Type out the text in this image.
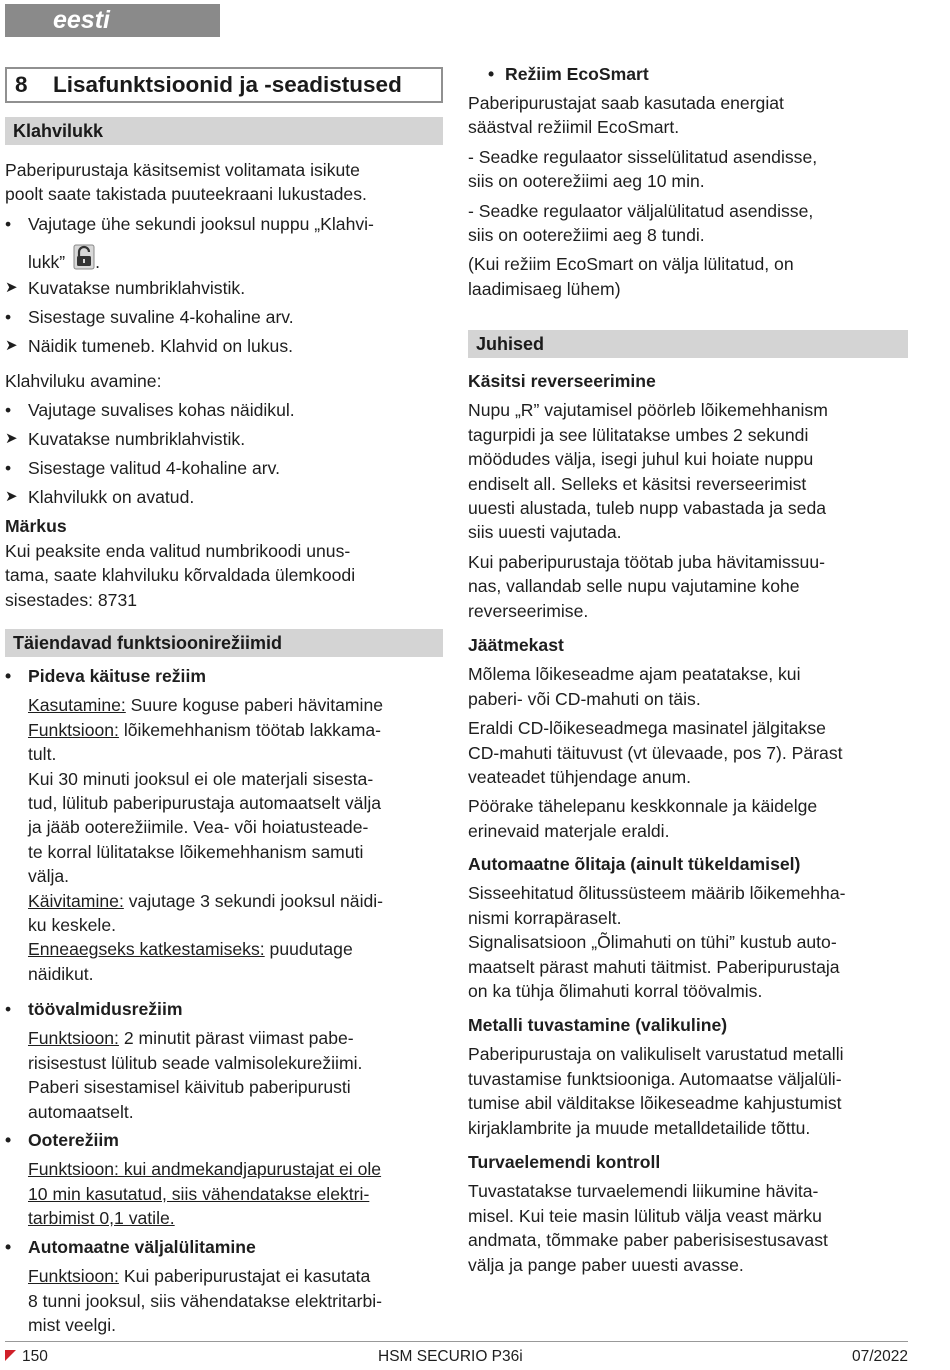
eesti
8 Lisafunktsioonid ja -seadistused
Klahvilukk

Paberipurustaja käsitsemist volitamata isikute

poolt saate takistada puuteekraani lukustades.

• Vajutage ühe sekundi jooksul nuppu „Klahvi-

lukk” .

➤ Kuvatakse numbriklahvistik.

• Sisestage suvaline 4-kohaline arv.

➤ Näidik tumeneb. Klahvid on lukus.

Klahviluku avamine:

• Vajutage suvalises kohas näidikul.

➤ Kuvatakse numbriklahvistik.

• Sisestage valitud 4-kohaline arv.

➤ Klahvilukk on avatud.

Märkus

Kui peaksite enda valitud numbrikoodi unus-

tama, saate klahviluku kõrvaldada ülemkoodi

sisestades: 8731

Täiendavad funktsioonirežiimid
• Pideva käituse režiim

Kasutamine: Suure koguse paberi hävitamine

Funktsioon: lõikemehhanism töötab lakkama-

tult.

Kui 30 minuti jooksul ei ole materjali sisesta-

tud, lülitub paberipurustaja automaatselt välja

ja jääb ooterežiimile. Vea- või hoiatusteade-

te korral lülitatakse lõikemehhanism samuti

välja.

Käivitamine: vajutage 3 sekundi jooksul näidi-

ku keskele.

Enneaegseks katkestamiseks: puudutage

näidikut.

• töövalmidusrežiim

Funktsioon: 2 minutit pärast viimast pabe-

risisestust lülitub seade valmisolekurežiimi.

Paberi sisestamisel käivitub paberipurusti

automaatselt.

• Ooterežiim

Funktsioon: kui andmekandjapurustajat ei ole

10 min kasutatud, siis vähendatakse elektri-

tarbimist 0,1 vatile.

• Automaatne väljalülitamine

Funktsioon: Kui paberipurustajat ei kasutata

8 tunni jooksul, siis vähendatakse elektritarbi-

mist veelgi.

• Režiim EcoSmart

Paberipurustajat saab kasutada energiat

säästval režiimil EcoSmart.

- Seadke regulaator sisselülitatud asendisse,

siis on ooterežiimi aeg 10 min.

- Seadke regulaator väljalülitatud asendisse,

siis on ooterežiimi aeg 8 tundi.

(Kui režiim EcoSmart on välja lülitatud, on

laadimisaeg lühem)

Juhised

Käsitsi reverseerimine

Nupu „R” vajutamisel pöörleb lõikemehhanism

tagurpidi ja see lülitatakse umbes 2 sekundi

möödudes välja, isegi juhul kui hoiate nuppu

endiselt all. Selleks et käsitsi reverseerimist

uuesti alustada, tuleb nupp vabastada ja seda

siis uuesti vajutada.

Kui paberipurustaja töötab juba hävitamissuu-

nas, vallandab selle nupu vajutamine kohe

reverseerimise.

Jäätmekast

Mõlema lõikeseadme ajam peatatakse, kui

paberi- või CD-mahuti on täis.

Eraldi CD-lõikeseadmega masinatel jälgitakse

CD-mahuti täituvust (vt ülevaade, pos 7). Pärast

veateadet tühjendage anum.

Pöörake tähelepanu keskkonnale ja käidelge

erinevaid materjale eraldi.

Automaatne õlitaja (ainult tükeldamisel)

Sisseehitatud õlitussüsteem määrib lõikemehha-

nismi korrapäraselt.

Signalisatsioon „Õlimahuti on tühi” kustub auto-

maatselt pärast mahuti täitmist. Paberipurustaja

on ka tühja õlimahuti korral töövalmis.

Metalli tuvastamine (valikuline)

Paberipurustaja on valikuliselt varustatud metalli

tuvastamise funktsiooniga. Automaatse väljalüli-

tumise abil välditakse lõikeseadme kahjustumist

kirjaklambrite ja muude metalldetailide tõttu.

Turvaelemendi kontroll

Tuvastatakse turvaelemendi liikumine hävita-

misel. Kui teie masin lülitub välja veast märku

andmata, tõmmake paber paberisisestusavast

välja ja pange paber uuesti avasse.

150	HSM SECURIO P36i	07/2022
